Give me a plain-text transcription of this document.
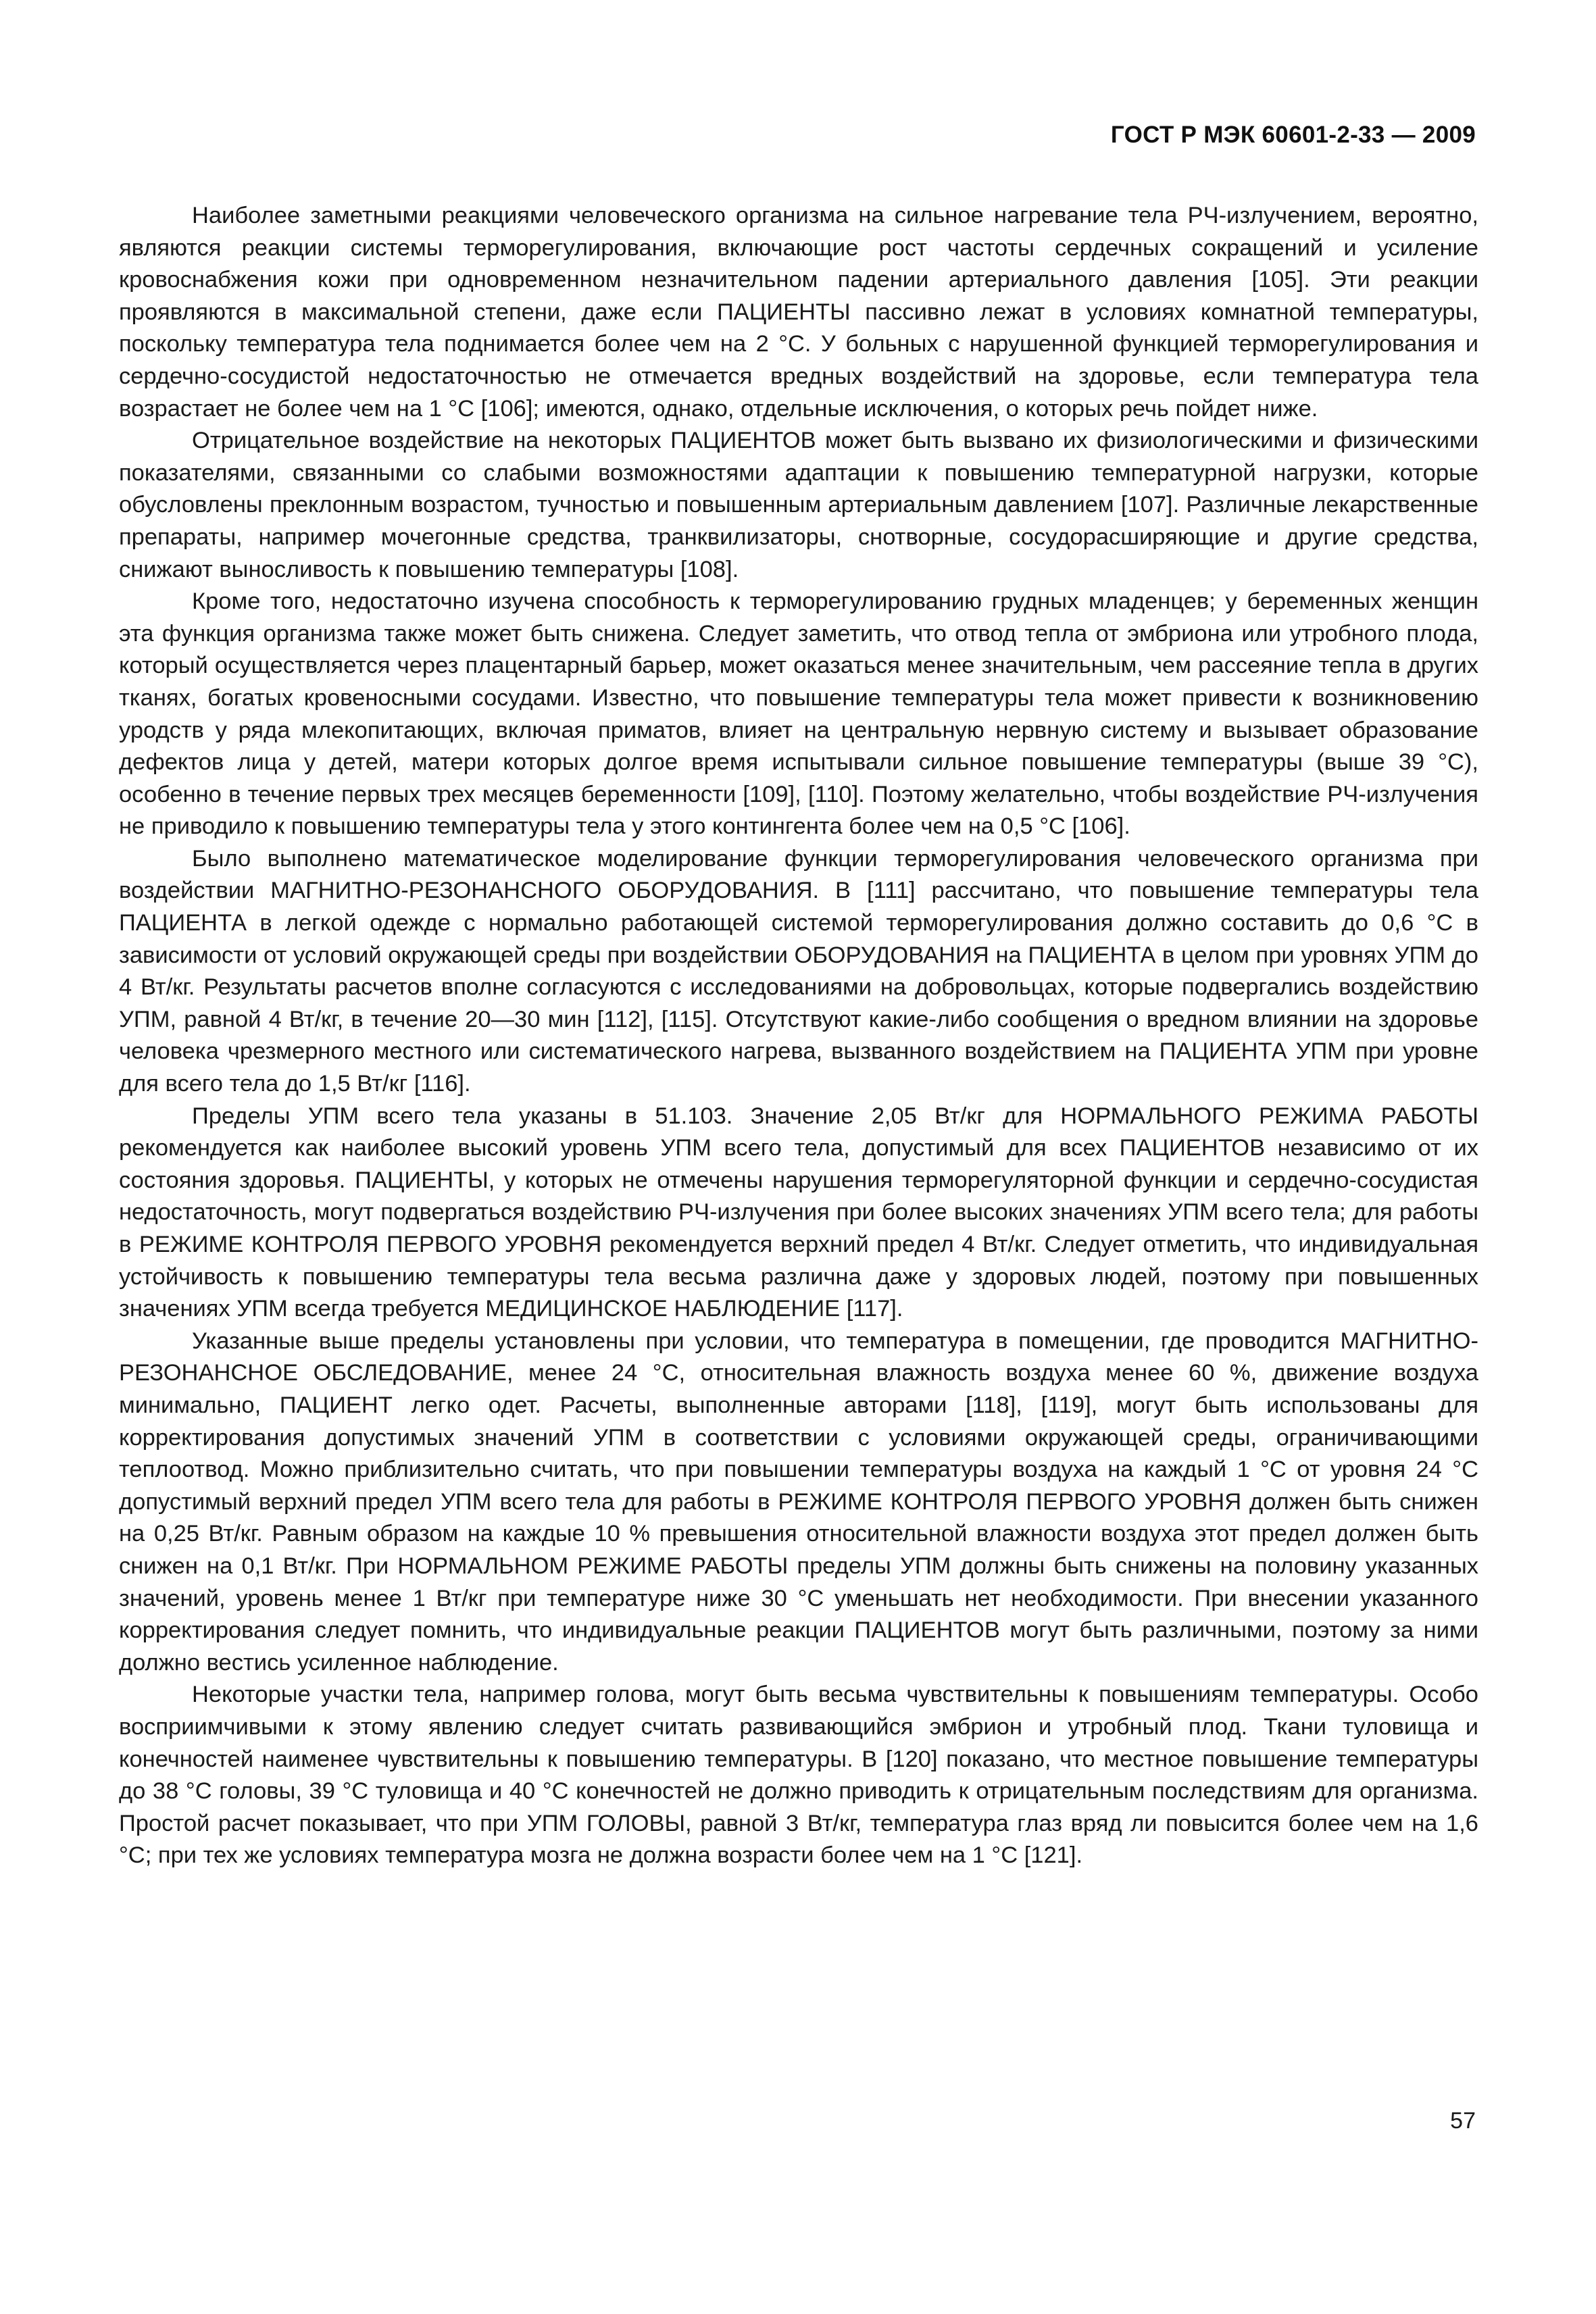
ГОСТ Р МЭК 60601-2-33 — 2009

Наиболее заметными реакциями человеческого организма на сильное нагревание тела РЧ-излучением, вероятно, являются реакции системы терморегулирования, включающие рост частоты сердечных сокращений и усиление кровоснабжения кожи при одновременном незначительном падении артериального давления [105]. Эти реакции проявляются в максимальной степени, даже если ПАЦИЕНТЫ пассивно лежат в условиях комнатной температуры, поскольку температура тела поднимается более чем на 2 °С. У больных с нарушенной функцией терморегулирования и сердечно-сосудистой недостаточностью не отмечается вредных воздействий на здоровье, если температура тела возрастает не более чем на 1 °С [106]; имеются, однако, отдельные исключения, о которых речь пойдет ниже.

Отрицательное воздействие на некоторых ПАЦИЕНТОВ может быть вызвано их физиологическими и физическими показателями, связанными со слабыми возможностями адаптации к повышению температурной нагрузки, которые обусловлены преклонным возрастом, тучностью и повышенным артериальным давлением [107]. Различные лекарственные препараты, например мочегонные средства, транквилизаторы, снотворные, сосудорасширяющие и другие средства, снижают выносливость к повышению температуры [108].

Кроме того, недостаточно изучена способность к терморегулированию грудных младенцев; у беременных женщин эта функция организма также может быть снижена. Следует заметить, что отвод тепла от эмбриона или утробного плода, который осуществляется через плацентарный барьер, может оказаться менее значительным, чем рассеяние тепла в других тканях, богатых кровеносными сосудами. Известно, что повышение температуры тела может привести к возникновению уродств у ряда млекопитающих, включая приматов, влияет на центральную нервную систему и вызывает образование дефектов лица у детей, матери которых долгое время испытывали сильное повышение температуры (выше 39 °С), особенно в течение первых трех месяцев беременности [109], [110]. Поэтому желательно, чтобы воздействие РЧ-излучения не приводило к повышению температуры тела у этого контингента более чем на 0,5 °С [106].

Было выполнено математическое моделирование функции терморегулирования человеческого организма при воздействии МАГНИТНО-РЕЗОНАНСНОГО ОБОРУДОВАНИЯ. В [111] рассчитано, что повышение температуры тела ПАЦИЕНТА в легкой одежде с нормально работающей системой терморегулирования должно составить до 0,6 °С в зависимости от условий окружающей среды при воздействии ОБОРУДОВАНИЯ на ПАЦИЕНТА в целом при уровнях УПМ до 4 Вт/кг. Результаты расчетов вполне согласуются с исследованиями на добровольцах, которые подвергались воздействию УПМ, равной 4 Вт/кг, в течение 20—30 мин [112], [115]. Отсутствуют какие-либо сообщения о вредном влиянии на здоровье человека чрезмерного местного или систематического нагрева, вызванного воздействием на ПАЦИЕНТА УПМ при уровне для всего тела до 1,5 Вт/кг [116].

Пределы УПМ всего тела указаны в 51.103. Значение 2,05 Вт/кг для НОРМАЛЬНОГО РЕЖИМА РАБОТЫ рекомендуется как наиболее высокий уровень УПМ всего тела, допустимый для всех ПАЦИЕНТОВ независимо от их состояния здоровья. ПАЦИЕНТЫ, у которых не отмечены нарушения терморегуляторной функции и сердечно-сосудистая недостаточность, могут подвергаться воздействию РЧ-излучения при более высоких значениях УПМ всего тела; для работы в РЕЖИМЕ КОНТРОЛЯ ПЕРВОГО УРОВНЯ рекомендуется верхний предел 4 Вт/кг. Следует отметить, что индивидуальная устойчивость к повышению температуры тела весьма различна даже у здоровых людей, поэтому при повышенных значениях УПМ всегда требуется МЕДИЦИНСКОЕ НАБЛЮДЕНИЕ [117].

Указанные выше пределы установлены при условии, что температура в помещении, где проводится МАГНИТНО-РЕЗОНАНСНОЕ ОБСЛЕДОВАНИЕ, менее 24 °С, относительная влажность воздуха менее 60 %, движение воздуха минимально, ПАЦИЕНТ легко одет. Расчеты, выполненные авторами [118], [119], могут быть использованы для корректирования допустимых значений УПМ в соответствии с условиями окружающей среды, ограничивающими теплоотвод. Можно приблизительно считать, что при повышении температуры воздуха на каждый 1 °С от уровня 24 °С допустимый верхний предел УПМ всего тела для работы в РЕЖИМЕ КОНТРОЛЯ ПЕРВОГО УРОВНЯ должен быть снижен на 0,25 Вт/кг. Равным образом на каждые 10 % превышения относительной влажности воздуха этот предел должен быть снижен на 0,1 Вт/кг. При НОРМАЛЬНОМ РЕЖИМЕ РАБОТЫ пределы УПМ должны быть снижены на половину указанных значений, уровень менее 1 Вт/кг при температуре ниже 30 °С уменьшать нет необходимости. При внесении указанного корректирования следует помнить, что индивидуальные реакции ПАЦИЕНТОВ могут быть различными, поэтому за ними должно вестись усиленное наблюдение.

Некоторые участки тела, например голова, могут быть весьма чувствительны к повышениям температуры. Особо восприимчивыми к этому явлению следует считать развивающийся эмбрион и утробный плод. Ткани туловища и конечностей наименее чувствительны к повышению температуры. В [120] показано, что местное повышение температуры до 38 °С головы, 39 °С туловища и 40 °С конечностей не должно приводить к отрицательным последствиям для организма. Простой расчет показывает, что при УПМ ГОЛОВЫ, равной 3 Вт/кг, температура глаз вряд ли повысится более чем на 1,6 °С; при тех же условиях температура мозга не должна возрасти более чем на 1 °С [121].

57
